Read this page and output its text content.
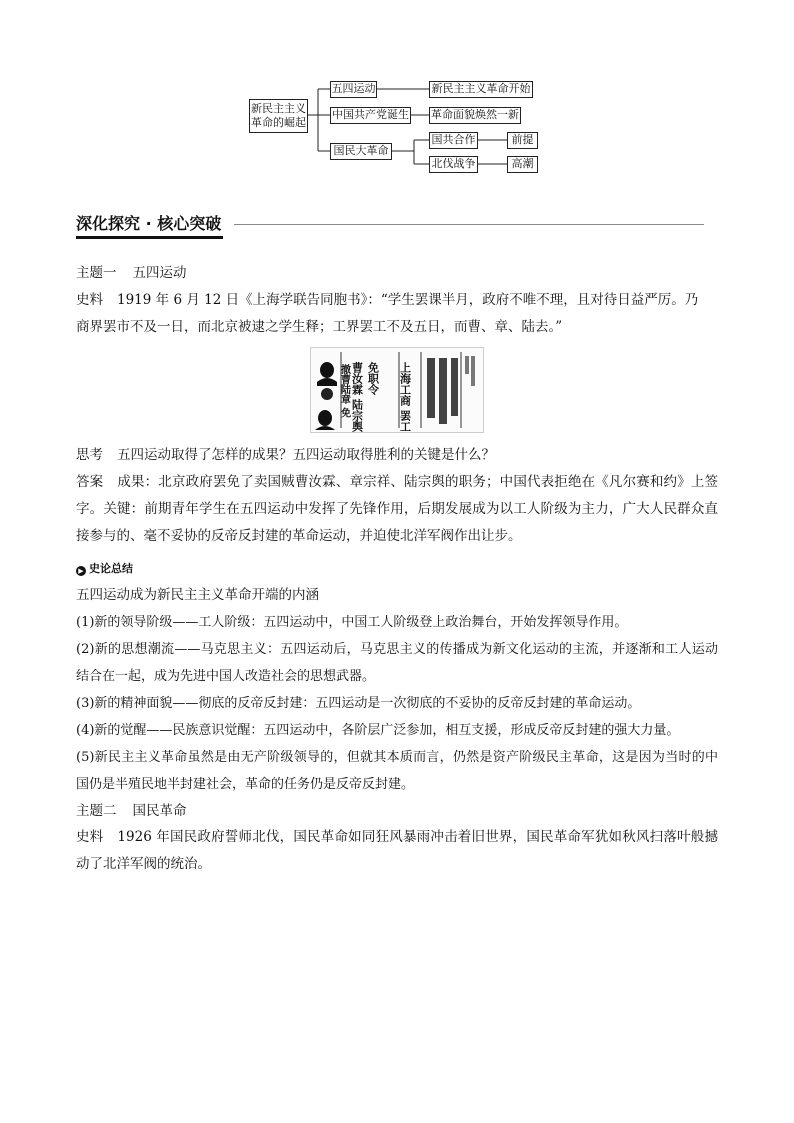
新民主主义
革命的崛起
五四运动
中国共产党诞生
国民大革命
新民主主义革命开始
革命面貌焕然一新
国共合作
北伐战争
前提
高潮
深化探究 · 核心突破
主题一 五四运动
史料 1919 年 6 月 12 日《上海学联告同胞书》：“学生罢课半月，政府不唯不理，且对待日益严厉。乃
商界罢市不及一日，而北京被逮之学生释；工界罢工不及五日，而曹、章、陆去。”
撤曹陆章 免 曹汝霖 陆宗舆 章宗祥 免职令 上海工商 罢工罢市
思考 五四运动取得了怎样的成果？五四运动取得胜利的关键是什么？
答案 成果：北京政府罢免了卖国贼曹汝霖、章宗祥、陆宗舆的职务；中国代表拒绝在《凡尔赛和约》上签字。关键：前期青年学生在五四运动中发挥了先锋作用，后期发展成为以工人阶级为主力，广大人民群众直接参与的、毫不妥协的反帝反封建的革命运动，并迫使北洋军阀作出让步。
▶ 史论总结
五四运动成为新民主主义革命开端的内涵
(1)新的领导阶级——工人阶级：五四运动中，中国工人阶级登上政治舞台，开始发挥领导作用。
(2)新的思想潮流——马克思主义：五四运动后，马克思主义的传播成为新文化运动的主流，并逐渐和工人运动结合在一起，成为先进中国人改造社会的思想武器。
(3)新的精神面貌——彻底的反帝反封建：五四运动是一次彻底的不妥协的反帝反封建的革命运动。
(4)新的觉醒——民族意识觉醒：五四运动中，各阶层广泛参加，相互支援，形成反帝反封建的强大力量。
(5)新民主主义革命虽然是由无产阶级领导的，但就其本质而言，仍然是资产阶级民主革命，这是因为当时的中国仍是半殖民地半封建社会，革命的任务仍是反帝反封建。
主题二 国民革命
史料 1926 年国民政府誓师北伐，国民革命如同狂风暴雨冲击着旧世界，国民革命军犹如秋风扫落叶般撼动了北洋军阀的统治。
